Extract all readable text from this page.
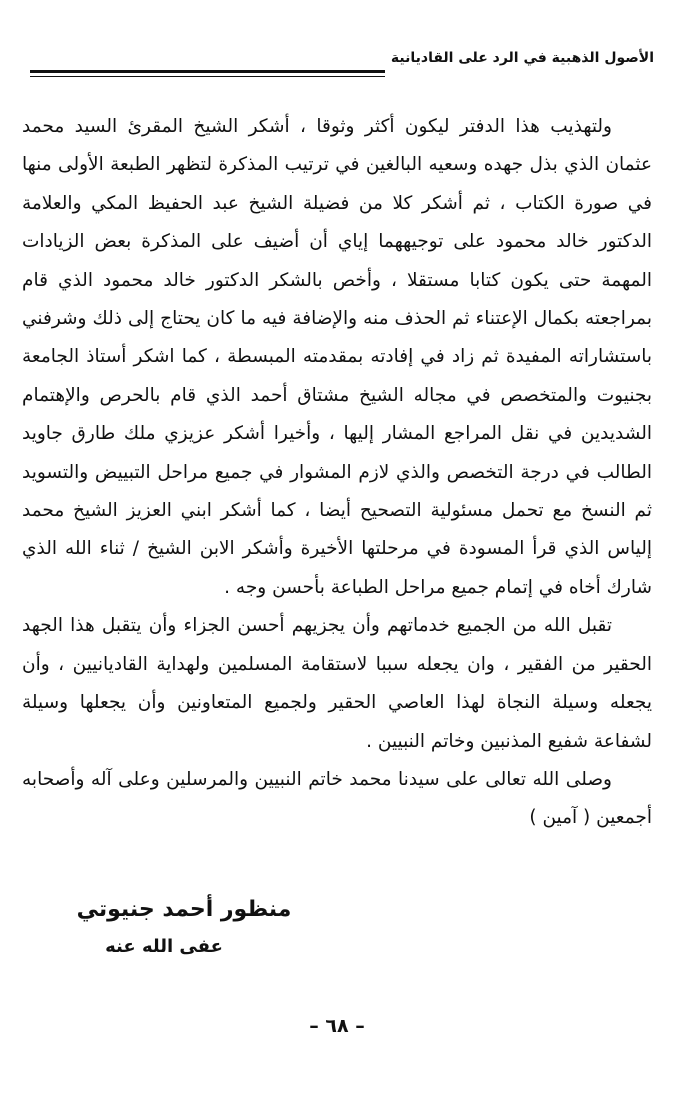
الأصول الذهبية في الرد على القاديانية

ولتهذيب هذا الدفتر ليكون أكثر وثوقا ، أشكر الشيخ المقرئ السيد محمد عثمان الذي بذل جهده وسعيه البالغين في ترتيب المذكرة لتظهر الطبعة الأولى منها في صورة الكتاب ، ثم أشكر كلا من فضيلة الشيخ عبد الحفيظ المكي والعلامة الدكتور خالد محمود على توجيههما إياي أن أضيف على المذكرة بعض الزيادات المهمة حتى يكون كتابا مستقلا ، وأخص بالشكر الدكتور خالد محمود الذي قام بمراجعته بكمال الإعتناء ثم الحذف منه والإضافة فيه ما كان يحتاج إلى ذلك وشرفني باستشاراته المفيدة ثم زاد في إفادته بمقدمته المبسطة ، كما اشكر أستاذ الجامعة بجنيوت والمتخصص في مجاله الشيخ مشتاق أحمد الذي قام بالحرص والإهتمام الشديدين في نقل المراجع المشار إليها ، وأخيرا أشكر عزيزي ملك طارق جاويد الطالب في درجة التخصص والذي لازم المشوار في جميع مراحل التبييض والتسويد ثم النسخ مع تحمل مسئولية التصحيح أيضا ، كما أشكر ابني العزيز الشيخ محمد إلياس الذي قرأ المسودة في مرحلتها الأخيرة وأشكر الابن الشيخ / ثناء الله الذي شارك أخاه في إتمام جميع مراحل الطباعة بأحسن وجه .

تقبل الله من الجميع خدماتهم وأن يجزيهم أحسن الجزاء وأن يتقبل هذا الجهد الحقير من الفقير ، وان يجعله سببا لاستقامة المسلمين ولهداية القاديانيين ، وأن يجعله وسيلة النجاة لهذا العاصي الحقير ولجميع المتعاونين وأن يجعلها وسيلة لشفاعة شفيع المذنبين وخاتم النبيين .

وصلى الله تعالى على سيدنا محمد خاتم النبيين والمرسلين وعلى آله وأصحابه أجمعين ( آمين )

منظور أحمد جنيوتي
عفى الله عنه
– ٦٨ –
